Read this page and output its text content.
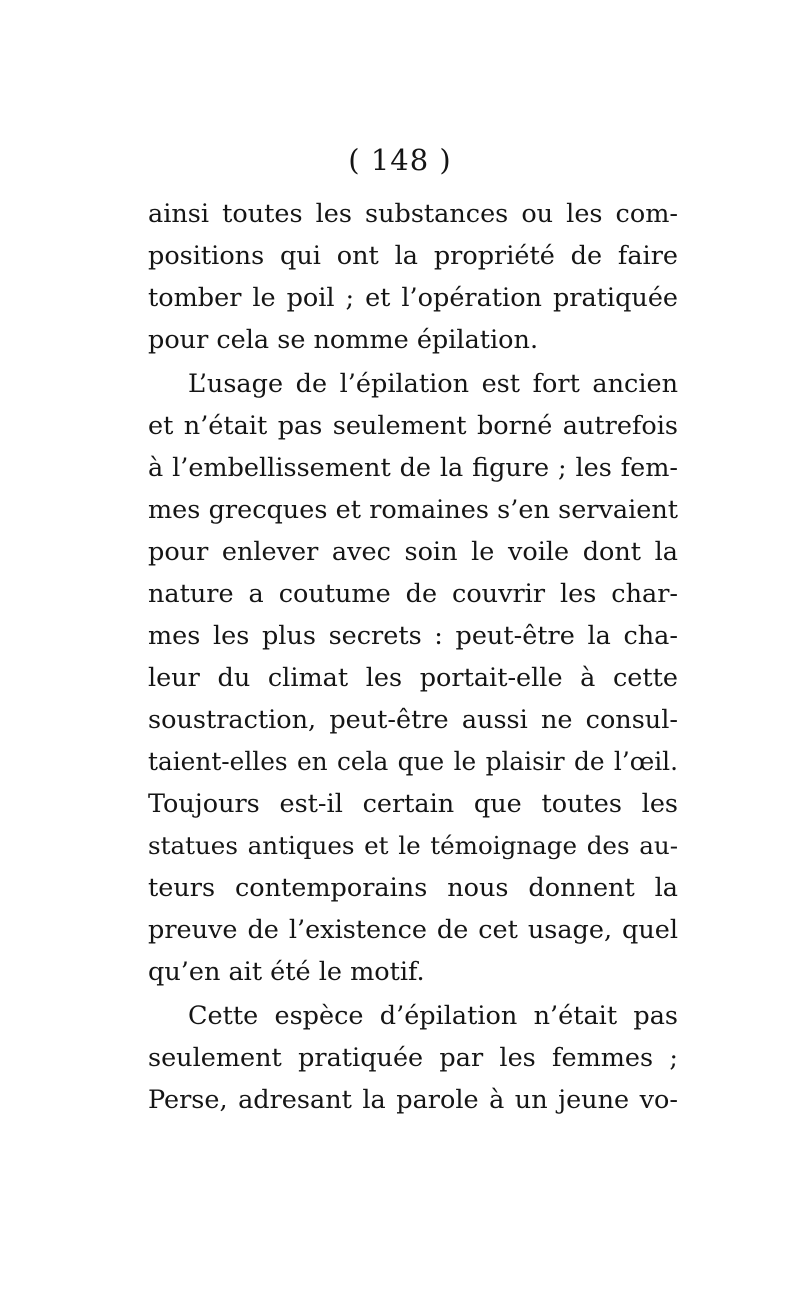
( 148 )
ainsi toutes les substances ou les com-
positions qui ont la propriété de faire
tomber le poil ; et l’opération pratiquée
pour cela se nomme épilation.
L’usage de l’épilation est fort ancien
et n’était pas seulement borné autrefois
à l’embellissement de la figure ; les fem-
mes grecques et romaines s’en servaient
pour enlever avec soin le voile dont la
nature a coutume de couvrir les char-
mes les plus secrets : peut-être la cha-
leur du climat les portait-elle à cette
soustraction, peut-être aussi ne consul-
taient-elles en cela que le plaisir de l’œil.
Toujours est-il certain que toutes les
statues antiques et le témoignage des au-
teurs contemporains nous donnent la
preuve de l’existence de cet usage, quel
qu’en ait été le motif.
Cette espèce d’épilation n’était pas
seulement pratiquée par les femmes ;
Perse, adresant la parole à un jeune vo-
